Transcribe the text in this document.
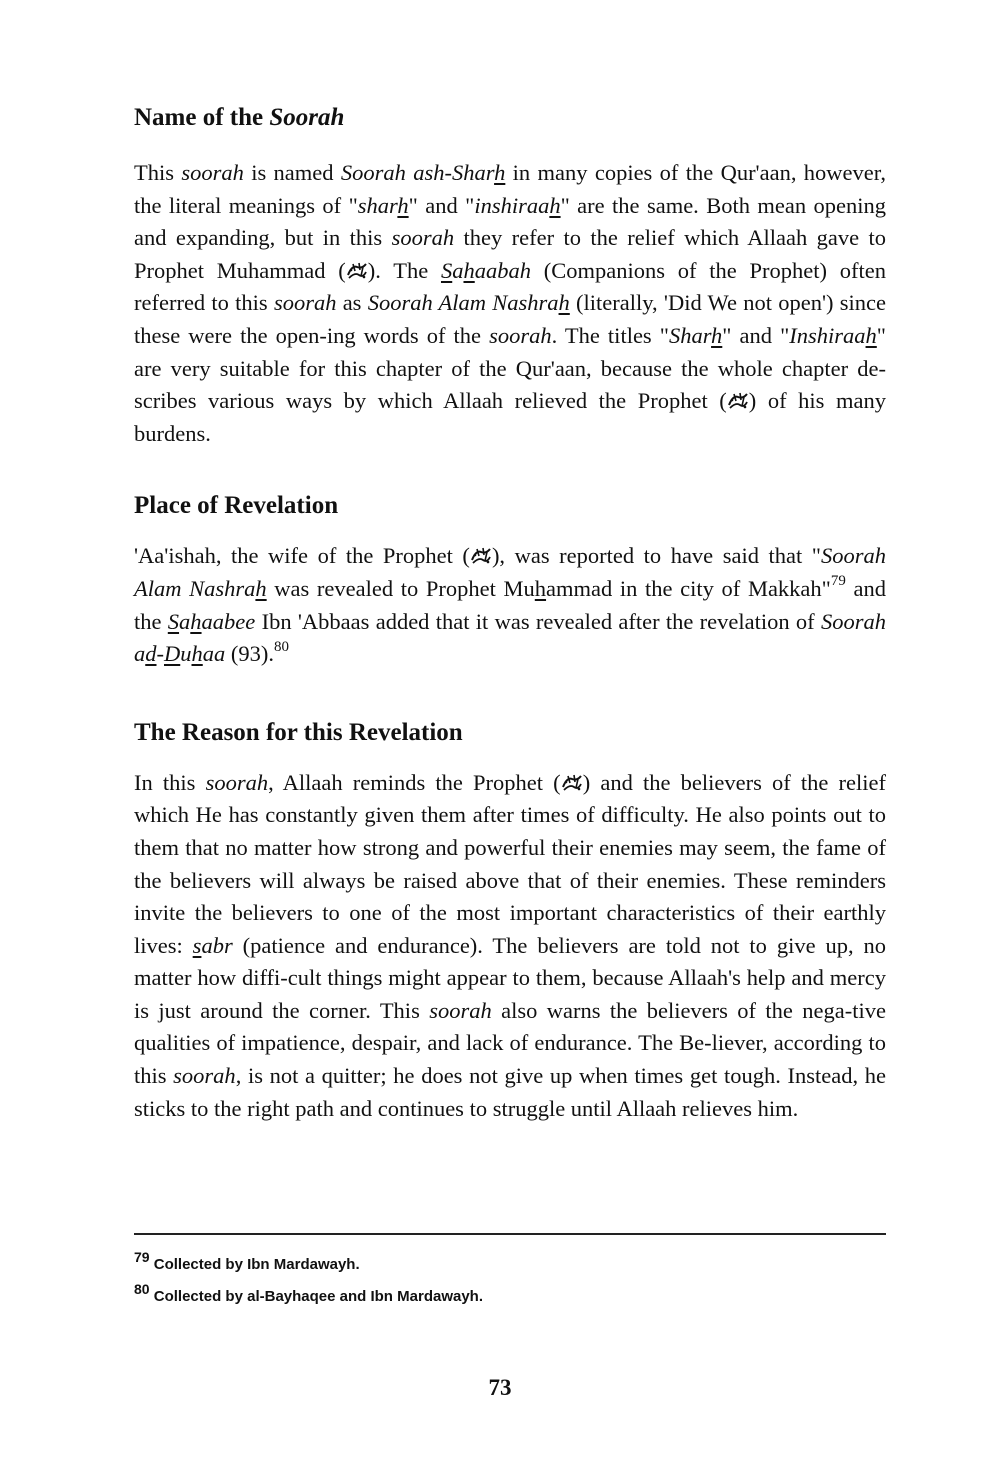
Name of the Soorah

This soorah is named Soorah ash-Sharh in many copies of the Qur'aan, however, the literal meanings of "sharh" and "inshiraah" are the same. Both mean opening and expanding, but in this soorah they refer to the relief which Allaah gave to Prophet Muhammad ( ). The Sahaabah (Companions of the Prophet) often referred to this soorah as Soorah Alam Nashrah (literally, 'Did We not open') since these were the open-ing words of the soorah. The titles "Sharh" and "Inshiraah" are very suitable for this chapter of the Qur'aan, because the whole chapter de-scribes various ways by which Allaah relieved the Prophet ( ) of his many burdens.

Place of Revelation

'Aa'ishah, the wife of the Prophet ( ), was reported to have said that "Soorah Alam Nashrah was revealed to Prophet Muhammad in the city of Makkah"$^{79}$ and the Sahaabee Ibn 'Abbaas added that it was revealed after the revelation of Soorah ad-Duhaa (93).$^{80}$

The Reason for this Revelation

In this soorah, Allaah reminds the Prophet ( ) and the believers of the relief which He has constantly given them after times of difficulty. He also points out to them that no matter how strong and powerful their enemies may seem, the fame of the believers will always be raised above that of their enemies. These reminders invite the believers to one of the most important characteristics of their earthly lives: sabr (patience and endurance). The believers are told not to give up, no matter how diffi-cult things might appear to them, because Allaah's help and mercy is just around the corner. This soorah also warns the believers of the nega-tive qualities of impatience, despair, and lack of endurance. The Be-liever, according to this soorah, is not a quitter; he does not give up when times get tough. Instead, he sticks to the right path and continues to struggle until Allaah relieves him.

$^{79}$ Collected by Ibn Mardawayh.

$^{80}$ Collected by al-Bayhaqee and Ibn Mardawayh.

73
